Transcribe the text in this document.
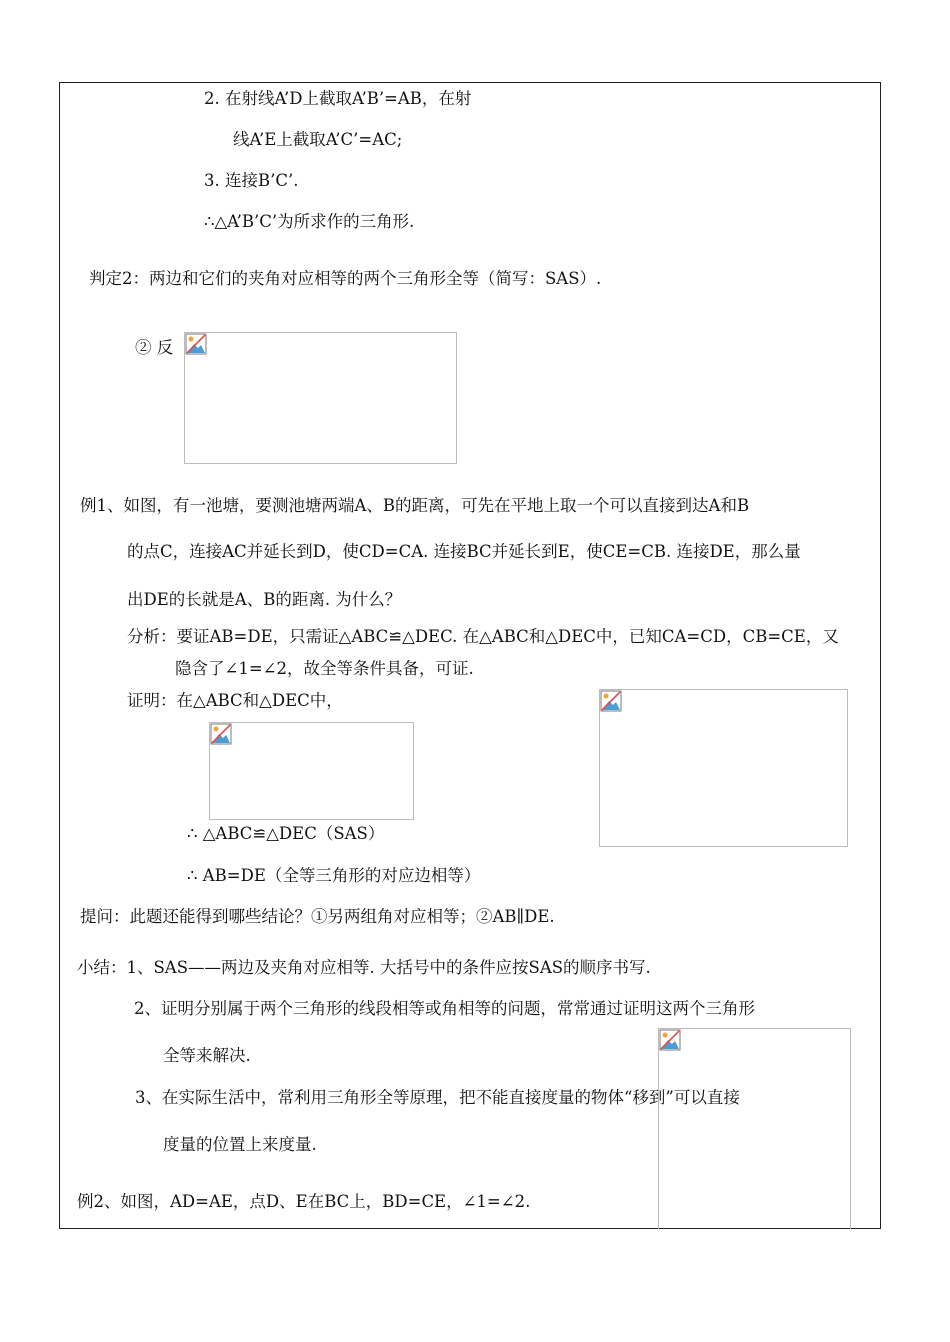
2. 在射线A’D上截取A’B’=AB，在射
线A’E上截取A’C’=AC;
3. 连接B’C’.
∴△A’B’C’为所求作的三角形.
判定2：两边和它们的夹角对应相等的两个三角形全等（简写：SAS）.
② 反
例1、如图，有一池塘，要测池塘两端A、B的距离，可先在平地上取一个可以直接到达A和B
的点C，连接AC并延长到D，使CD=CA. 连接BC并延长到E，使CE=CB. 连接DE，那么量
出DE的长就是A、B的距离. 为什么？
分析：要证AB=DE，只需证△ABC≌△DEC. 在△ABC和△DEC中，已知CA=CD，CB=CE，又
隐含了∠1=∠2，故全等条件具备，可证.
证明：在△ABC和△DEC中，
∴ △ABC≌△DEC（SAS）
∴ AB=DE（全等三角形的对应边相等）
提问：此题还能得到哪些结论？①另两组角对应相等；②AB∥DE.
小结：1、SAS——两边及夹角对应相等. 大括号中的条件应按SAS的顺序书写.
2、证明分别属于两个三角形的线段相等或角相等的问题，常常通过证明这两个三角形
全等来解决.
3、在实际生活中，常利用三角形全等原理，把不能直接度量的物体“移到”可以直接
度量的位置上来度量.
例2、如图，AD=AE，点D、E在BC上，BD=CE，∠1=∠2.
